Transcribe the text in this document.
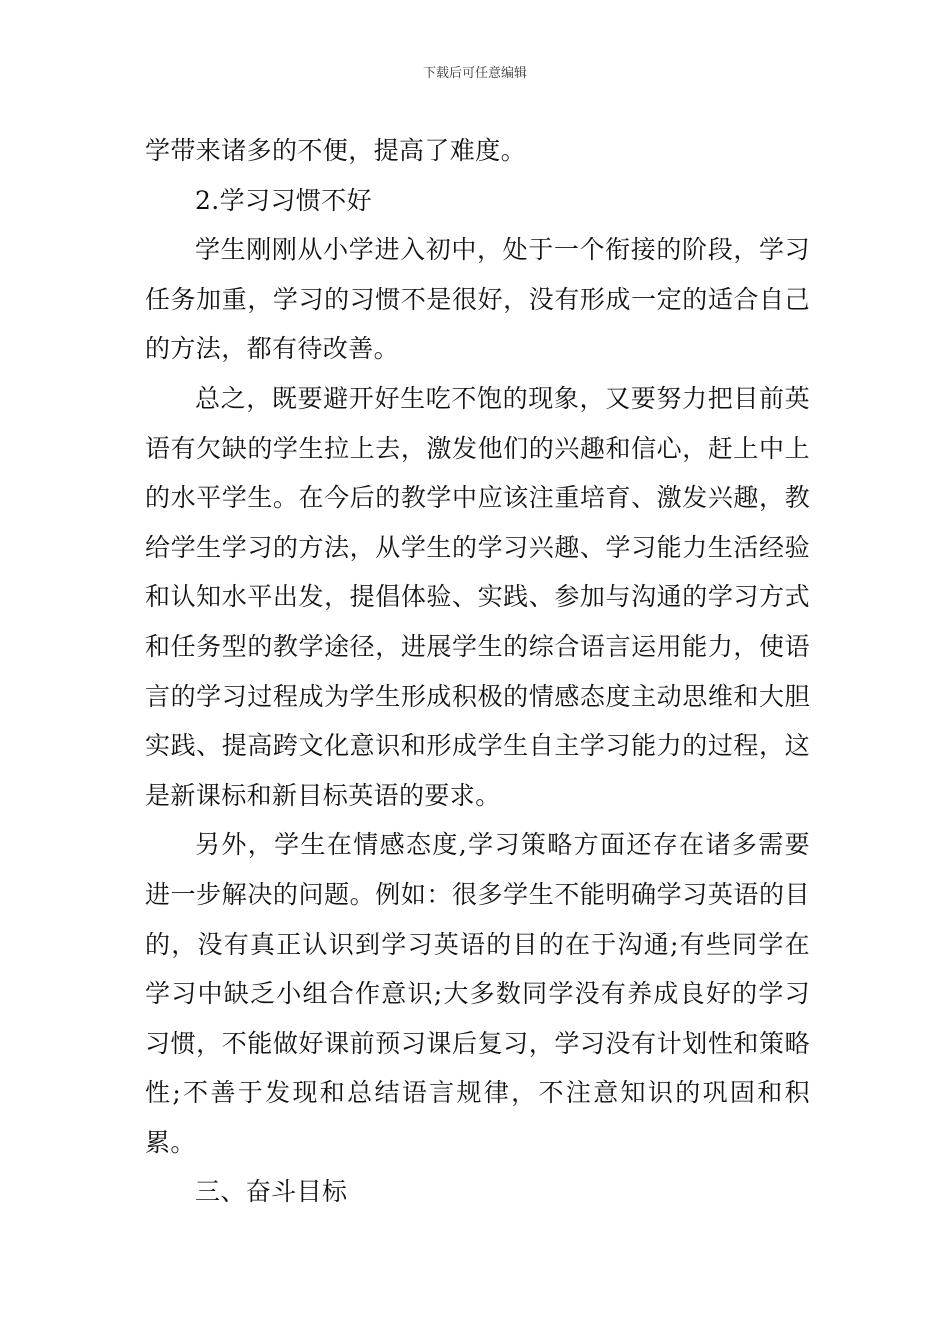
下载后可任意编辑

学带来诸多的不便，提高了难度。

2.学习习惯不好

学生刚刚从小学进入初中，处于一个衔接的阶段，学习任务加重，学习的习惯不是很好，没有形成一定的适合自己的方法，都有待改善。

总之，既要避开好生吃不饱的现象，又要努力把目前英语有欠缺的学生拉上去，激发他们的兴趣和信心，赶上中上的水平学生。在今后的教学中应该注重培育、激发兴趣，教给学生学习的方法，从学生的学习兴趣、学习能力生活经验和认知水平出发，提倡体验、实践、参加与沟通的学习方式和任务型的教学途径，进展学生的综合语言运用能力，使语言的学习过程成为学生形成积极的情感态度主动思维和大胆实践、提高跨文化意识和形成学生自主学习能力的过程，这是新课标和新目标英语的要求。

另外，学生在情感态度,学习策略方面还存在诸多需要进一步解决的问题。例如：很多学生不能明确学习英语的目的，没有真正认识到学习英语的目的在于沟通;有些同学在学习中缺乏小组合作意识;大多数同学没有养成良好的学习习惯，不能做好课前预习课后复习，学习没有计划性和策略性;不善于发现和总结语言规律，不注意知识的巩固和积累。

三、奋斗目标
